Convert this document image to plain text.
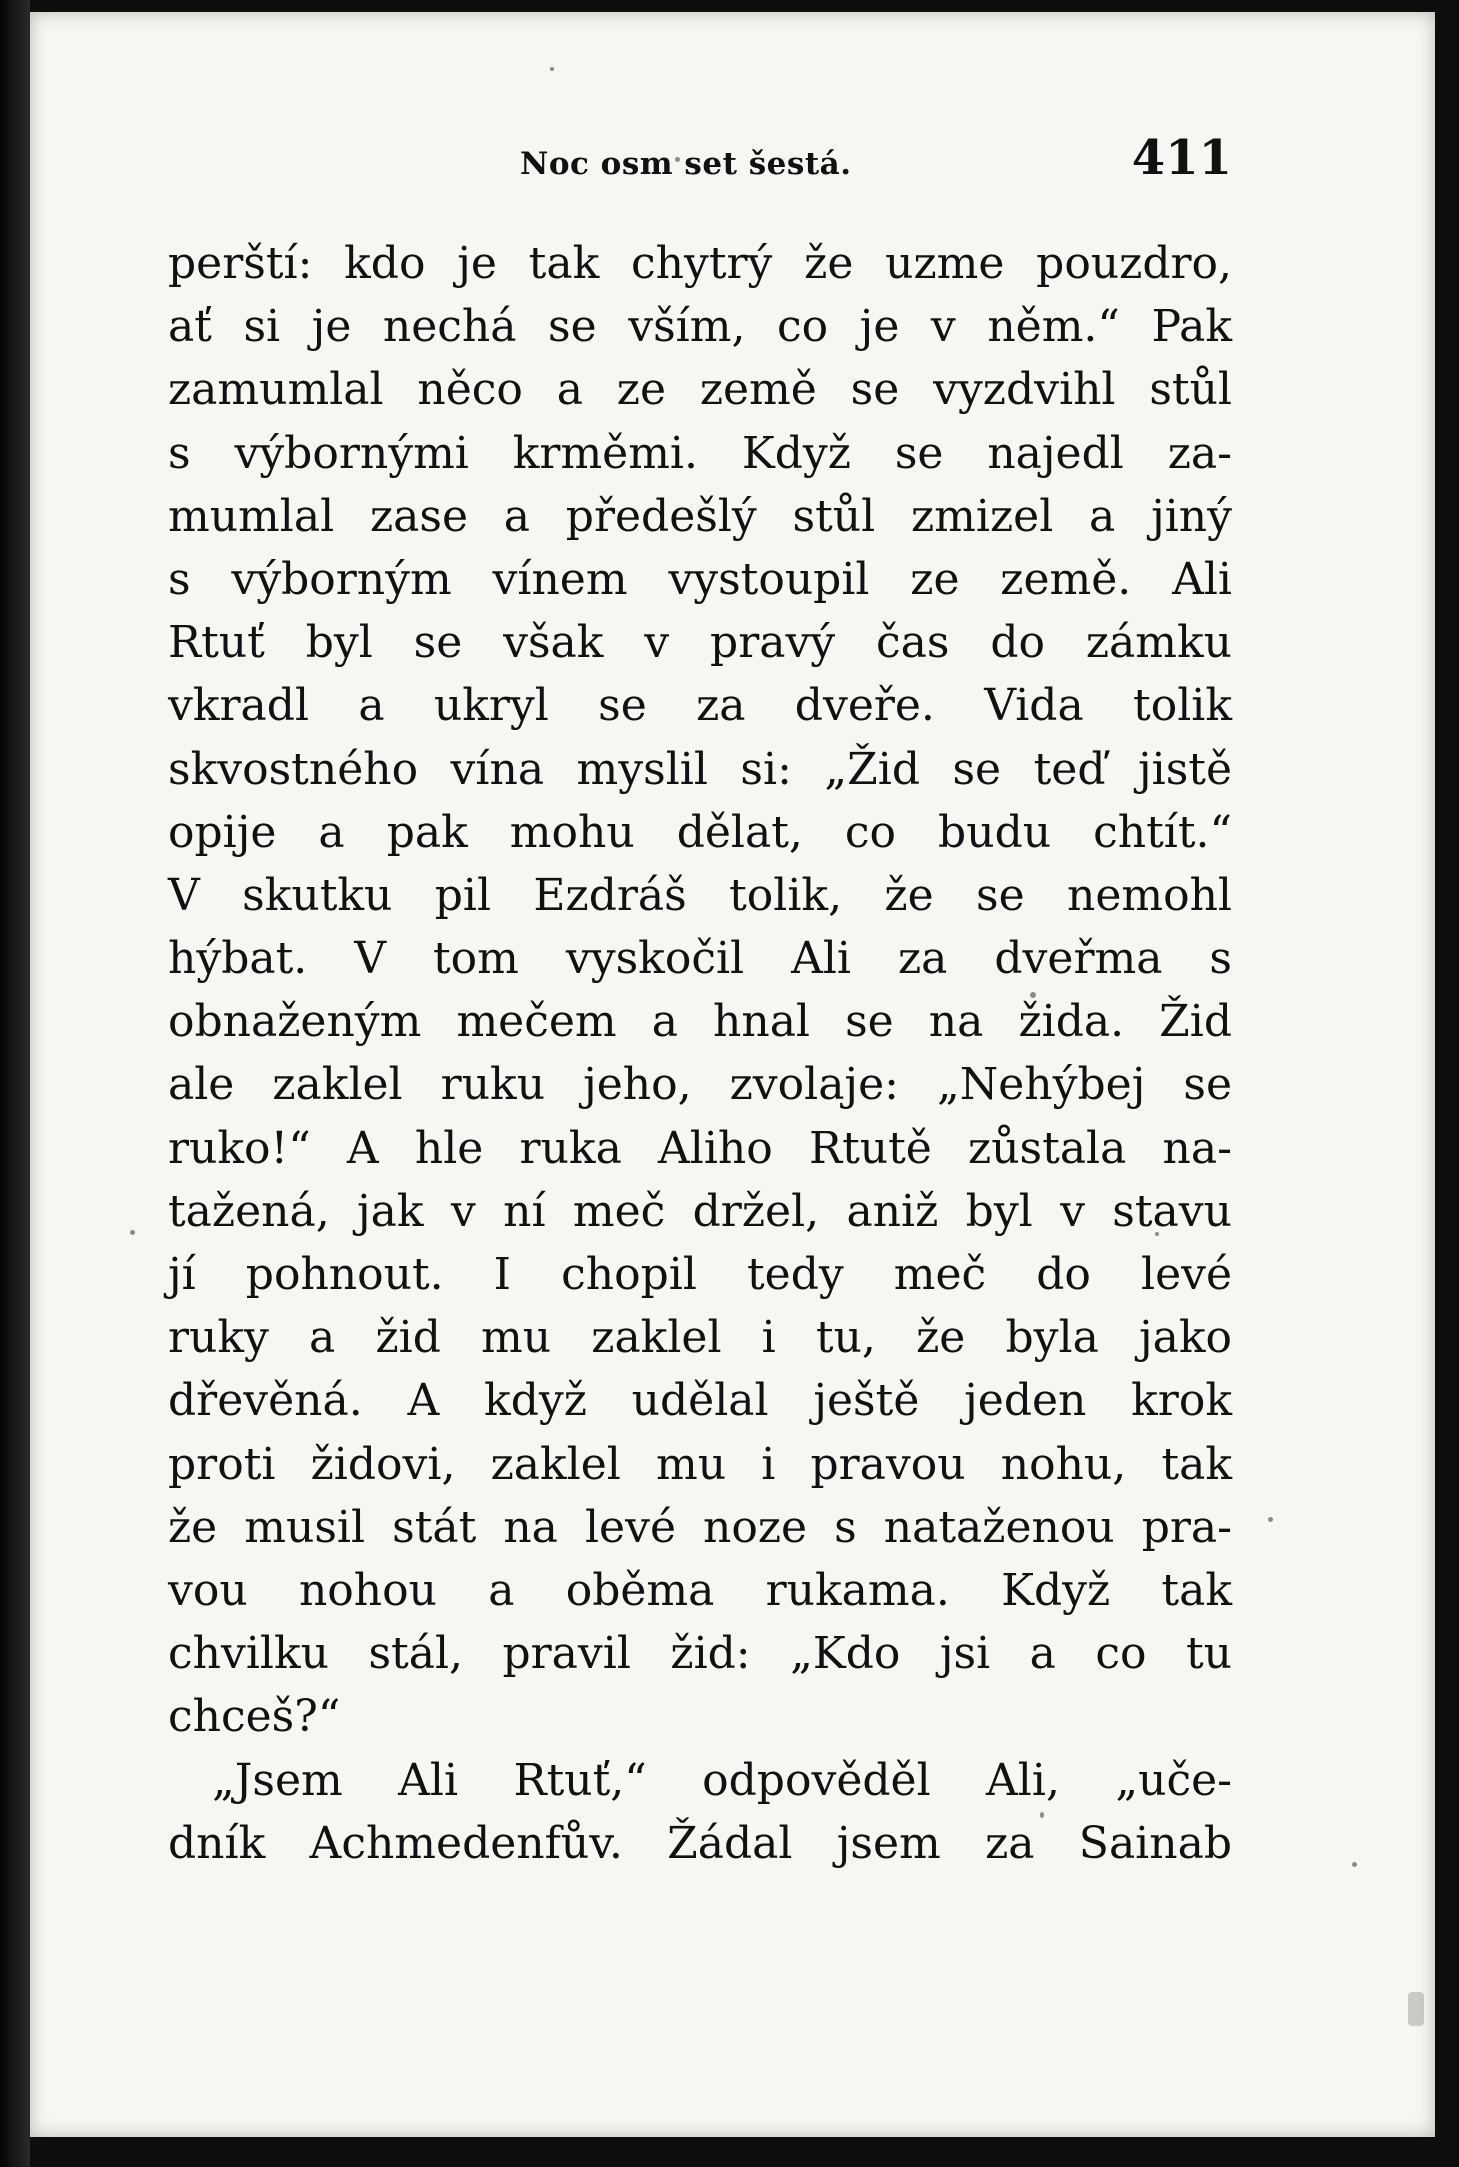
Noc osm set šestá.	411
perští: kdo je tak chytrý že uzme pouzdro,
ať si je nechá se vším, co je v něm.“ Pak
zamumlal něco a ze země se vyzdvihl stůl
s výbornými krměmi. Když se najedl za-
mumlal zase a předešlý stůl zmizel a jiný
s výborným vínem vystoupil ze země. Ali
Rtuť byl se však v pravý čas do zámku
vkradl a ukryl se za dveře. Vida tolik
skvostného vína myslil si: „Žid se teď jistě
opije a pak mohu dělat, co budu chtít.“
V skutku pil Ezdráš tolik, že se nemohl
hýbat. V tom vyskočil Ali za dveřma s
obnaženým mečem a hnal se na žida. Žid
ale zaklel ruku jeho, zvolaje: „Nehýbej se
ruko!“ A hle ruka Aliho Rtutě zůstala na-
tažená, jak v ní meč držel, aniž byl v stavu
jí pohnout. I chopil tedy meč do levé
ruky a žid mu zaklel i tu, že byla jako
dřevěná. A když udělal ještě jeden krok
proti židovi, zaklel mu i pravou nohu, tak
že musil stát na levé noze s nataženou pra-
vou nohou a oběma rukama. Když tak
chvilku stál, pravil žid: „Kdo jsi a co tu
chceš?“
„Jsem Ali Rtuť,“ odpověděl Ali, „uče-
dník Achmedenfův. Žádal jsem za Sainab
